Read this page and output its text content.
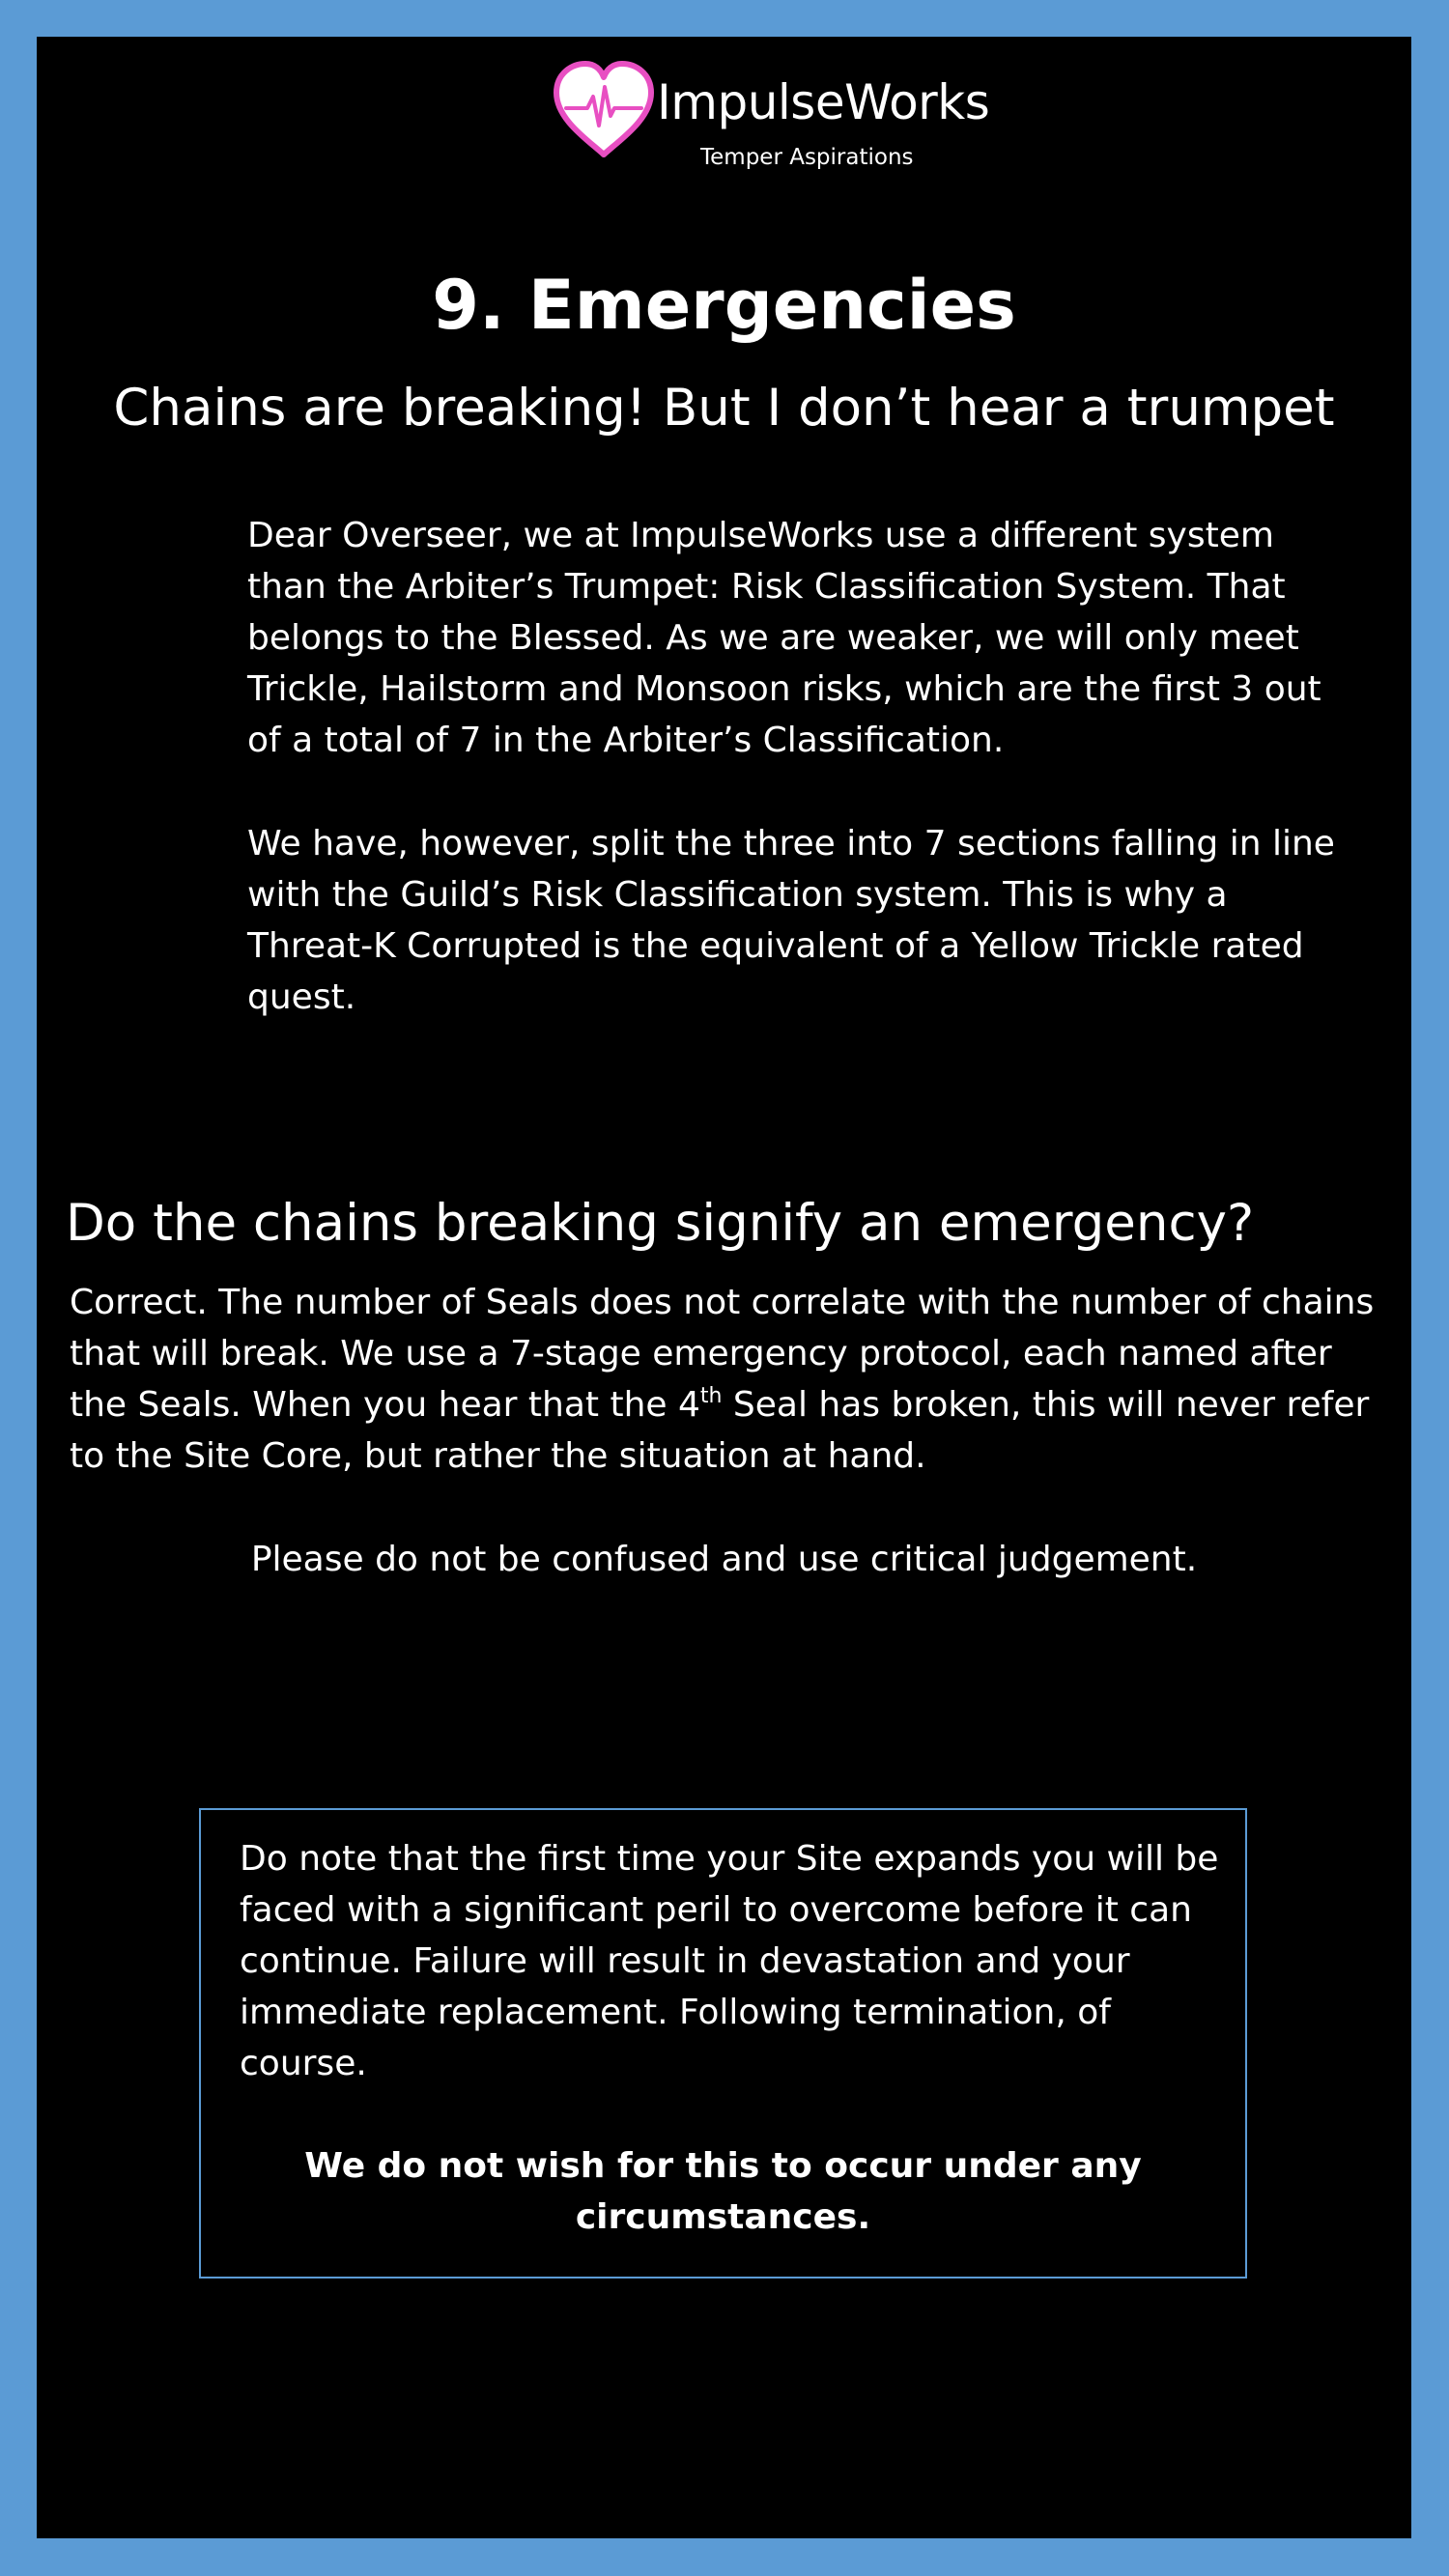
ImpulseWorks
Temper Aspirations
9. Emergencies
Chains are breaking! But I don’t hear a trumpet

Dear Overseer, we at ImpulseWorks use a different system than the Arbiter’s Trumpet: Risk Classification System. That belongs to the Blessed. As we are weaker, we will only meet Trickle, Hailstorm and Monsoon risks, which are the first 3 out of a total of 7 in the Arbiter’s Classification.

We have, however, split the three into 7 sections falling in line with the Guild’s Risk Classification system. This is why a Threat-K Corrupted is the equivalent of a Yellow Trickle rated quest.

Do the chains breaking signify an emergency?
Correct. The number of Seals does not correlate with the number of chains that will break. We use a 7-stage emergency protocol, each named after the Seals. When you hear that the 4th Seal has broken, this will never refer to the Site Core, but rather the situation at hand.
Please do not be confused and use critical judgement.
Do note that the first time your Site expands you will be faced with a significant peril to overcome before it can continue. Failure will result in devastation and your immediate replacement. Following termination, of course.
We do not wish for this to occur under any
circumstances.
